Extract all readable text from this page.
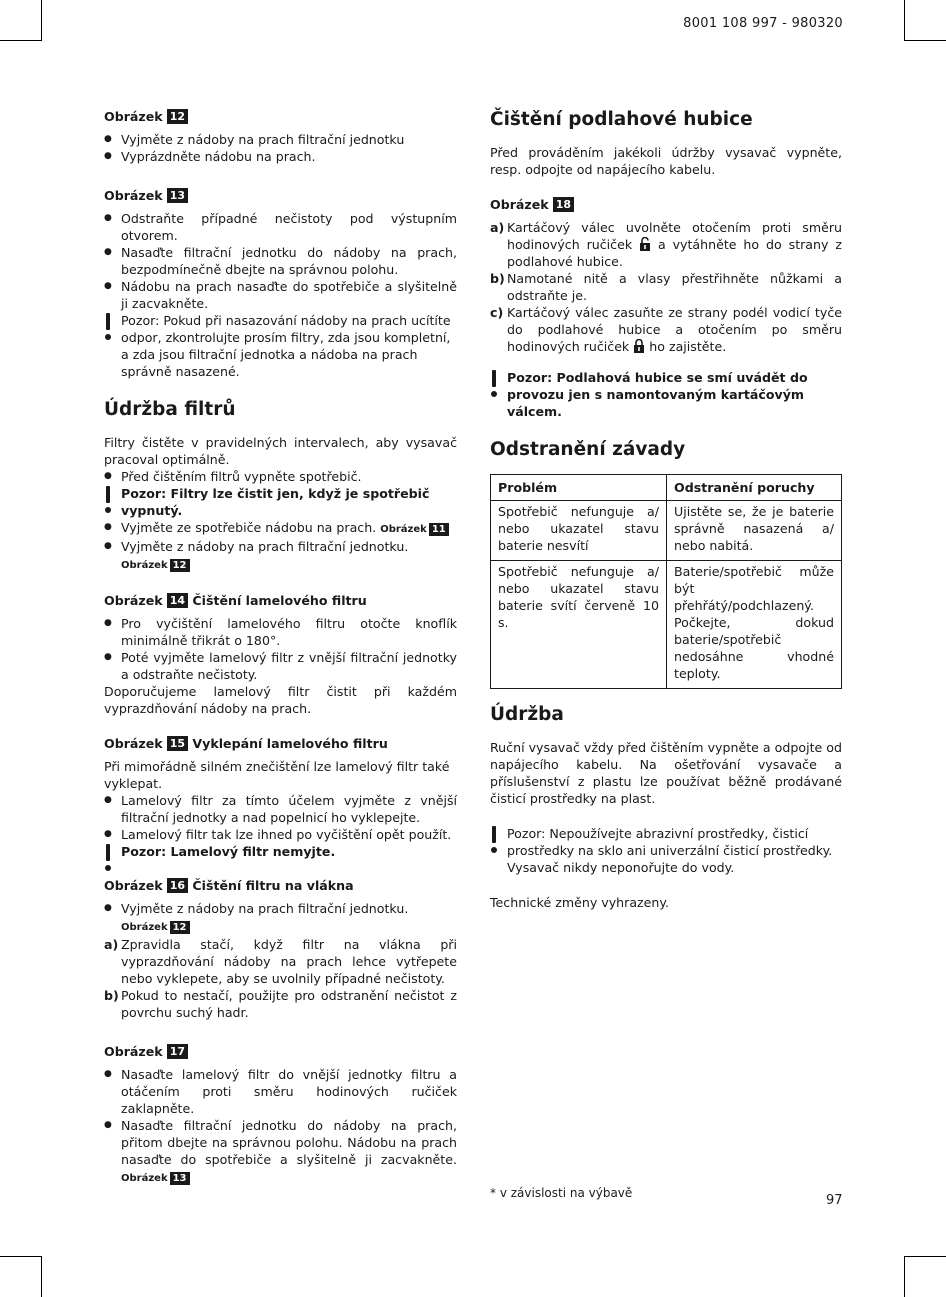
8001 108 997 - 980320
Obrázek 12
● Vyjměte z nádoby na prach filtrační jednotku
● Vyprázdněte nádobu na prach.
Obrázek 13
● Odstraňte případné nečistoty pod výstupním otvorem.
● Nasaďte filtrační jednotku do nádoby na prach, bezpodmínečně dbejte na správnou polohu.
● Nádobu na prach nasaďte do spotřebiče a slyšitelně ji zacvakněte.

Pozor: Pokud při nasazování nádoby na prach ucítíte odpor, zkontrolujte prosím filtry, zda jsou kompletní, a zda jsou filtrační jednotka a nádoba na prach správně nasazené.

Údržba filtrů

Filtry čistěte v pravidelných intervalech, aby vysavač pracoval optimálně.

● Před čištěním filtrů vypněte spotřebič.

Pozor: Filtry lze čistit jen, když je spotřebič vypnutý.

● Vyjměte ze spotřebiče nádobu na prach. Obrázek 11
● Vyjměte z nádoby na prach filtrační jednotku. Obrázek 12
Obrázek 14
Čištění lamelového filtru
● Pro vyčištění lamelového filtru otočte knoflík minimálně třikrát o 180°.
● Poté vyjměte lamelový filtr z vnější filtrační jednotky a odstraňte nečistoty.

Doporučujeme lamelový filtr čistit při každém vyprazdňování nádoby na prach.

Obrázek 15
Vyklepání lamelového filtru

Při mimořádně silném znečištění lze lamelový filtr také vyklepat.

● Lamelový filtr za tímto účelem vyjměte z vnější filtrační jednotky a nad popelnicí ho vyklepejte.
● Lamelový filtr tak lze ihned po vyčištění opět použít.

Pozor: Lamelový filtr nemyjte.

Obrázek 16
Čištění filtru na vlákna
● Vyjměte z nádoby na prach filtrační jednotku.
Obrázek 12
a) Zpravidla stačí, když filtr na vlákna při vyprazdňování nádoby na prach lehce vytřepete nebo vyklepete, aby se uvolnily případné nečistoty.
b) Pokud to nestačí, použijte pro odstranění nečistot z povrchu suchý hadr.
Obrázek 17
● Nasaďte lamelový filtr do vnější jednotky filtru a otáčením proti směru hodinových ručiček zaklapněte.
● Nasaďte filtrační jednotku do nádoby na prach, přitom dbejte na správnou polohu. Nádobu na prach nasaďte do spotřebiče a slyšitelně ji zacvakněte. Obrázek 13
Čištění podlahové hubice

Před prováděním jakékoli údržby vysavač vypněte, resp. odpojte od napájecího kabelu.

Obrázek 18
a) Kartáčový válec uvolněte otočením proti směru hodinových ručiček a vytáhněte ho do strany z podlahové hubice.
b) Namotané nitě a vlasy přestřihněte nůžkami a odstraňte je.
c) Kartáčový válec zasuňte ze strany podél vodicí tyče do podlahové hubice a otočením po směru hodinových ručiček ho zajistěte.

Pozor: Podlahová hubice se smí uvádět do provozu jen s namontovaným kartáčovým válcem.

Odstranění závady
Problém	Odstranění poruchy
Spotřebič nefunguje a/ nebo ukazatel stavu baterie nesvítí	Ujistěte se, že je baterie správně nasazená a/ nebo nabitá.
Spotřebič nefunguje a/ nebo ukazatel stavu baterie svítí červeně 10 s.	Baterie/spotřebič může být přehřátý/podchlazený. Počkejte, dokud baterie/spotřebič nedosáhne vhodné teploty.
Údržba

Ruční vysavač vždy před čištěním vypněte a odpojte od napájecího kabelu. Na ošetřování vysavače a příslušenství z plastu lze používat běžně prodávané čisticí prostředky na plast.

Pozor: Nepoužívejte abrazivní prostředky, čisticí prostředky na sklo ani univerzální čisticí prostředky. Vysavač nikdy neponořujte do vody.

Technické změny vyhrazeny.

* v závislosti na výbavě	97
